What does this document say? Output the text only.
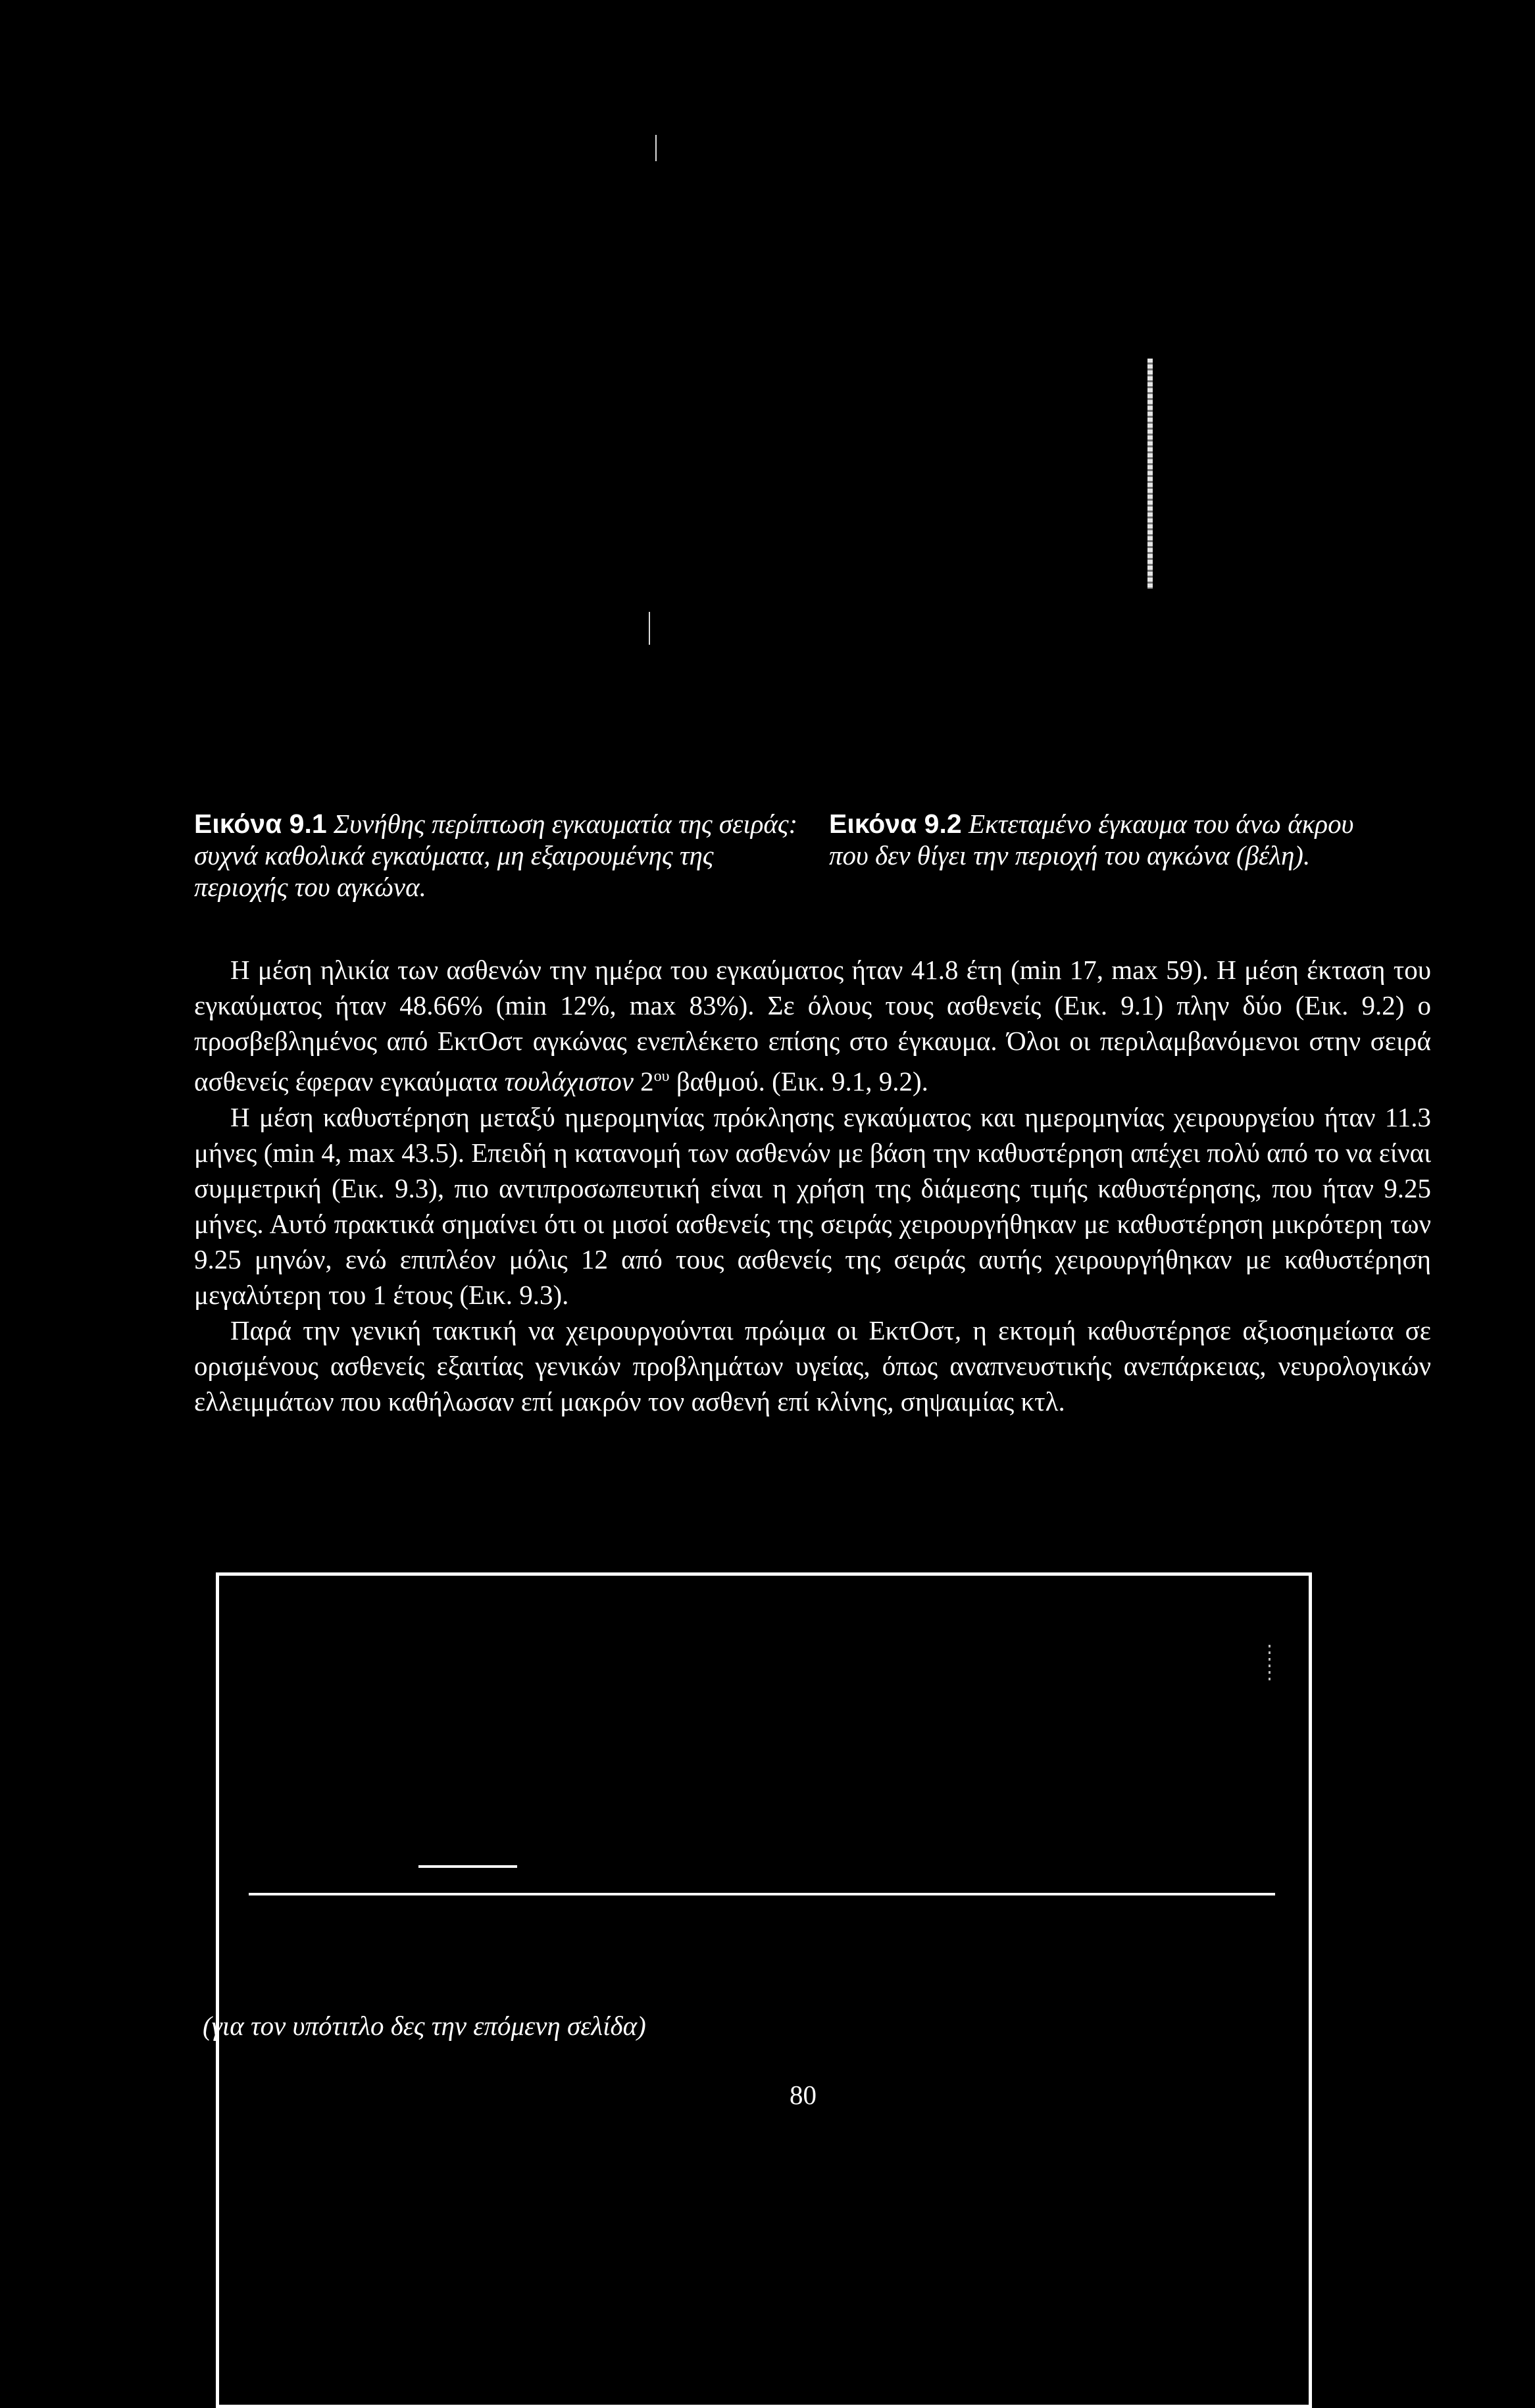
Εικόνα 9.1 Συνήθης περίπτωση εγκαυματία της σειράς: συχνά καθολικά εγκαύματα, μη εξαιρουμένης της περιοχής του αγκώνα.
Εικόνα 9.2 Εκτεταμένο έγκαυμα του άνω άκρου που δεν θίγει την περιοχή του αγκώνα (βέλη).

Η μέση ηλικία των ασθενών την ημέρα του εγκαύματος ήταν 41.8 έτη (min 17, max 59). Η μέση έκταση του εγκαύματος ήταν 48.66% (min 12%, max 83%). Σε όλους τους ασθενείς (Εικ. 9.1) πλην δύο (Εικ. 9.2) ο προσβεβλημένος από ΕκτΟστ αγκώνας ενεπλέκετο επίσης στο έγκαυμα. Όλοι οι περιλαμβανόμενοι στην σειρά ασθενείς έφεραν εγκαύματα τουλάχιστον $2^{o\upsilon}$ βαθμού. (Εικ. 9.1, 9.2).

Η μέση καθυστέρηση μεταξύ ημερομηνίας πρόκλησης εγκαύματος και ημερομηνίας χειρουργείου ήταν 11.3 μήνες (min 4, max 43.5). Επειδή η κατανομή των ασθενών με βάση την καθυστέρηση απέχει πολύ από το να είναι συμμετρική (Εικ. 9.3), πιο αντιπροσωπευτική είναι η χρήση της διάμεσης τιμής καθυστέρησης, που ήταν 9.25 μήνες. Αυτό πρακτικά σημαίνει ότι οι μισοί ασθενείς της σειράς χειρουργήθηκαν με καθυστέρηση μικρότερη των 9.25 μηνών, ενώ επιπλέον μόλις 12 από τους ασθενείς της σειράς αυτής χειρουργήθηκαν με καθυστέρηση μεγαλύτερη του 1 έτους (Εικ. 9.3).

Παρά την γενική τακτική να χειρουργούνται πρώιμα οι ΕκτΟστ, η εκτομή καθυστέρησε αξιοσημείωτα σε ορισμένους ασθενείς εξαιτίας γενικών προβλημάτων υγείας, όπως αναπνευστικής ανεπάρκειας, νευρολογικών ελλειμμάτων που καθήλωσαν επί μακρόν τον ασθενή επί κλίνης, σηψαιμίας κτλ.

(για τον υπότιτλο δες την επόμενη σελίδα)
80
